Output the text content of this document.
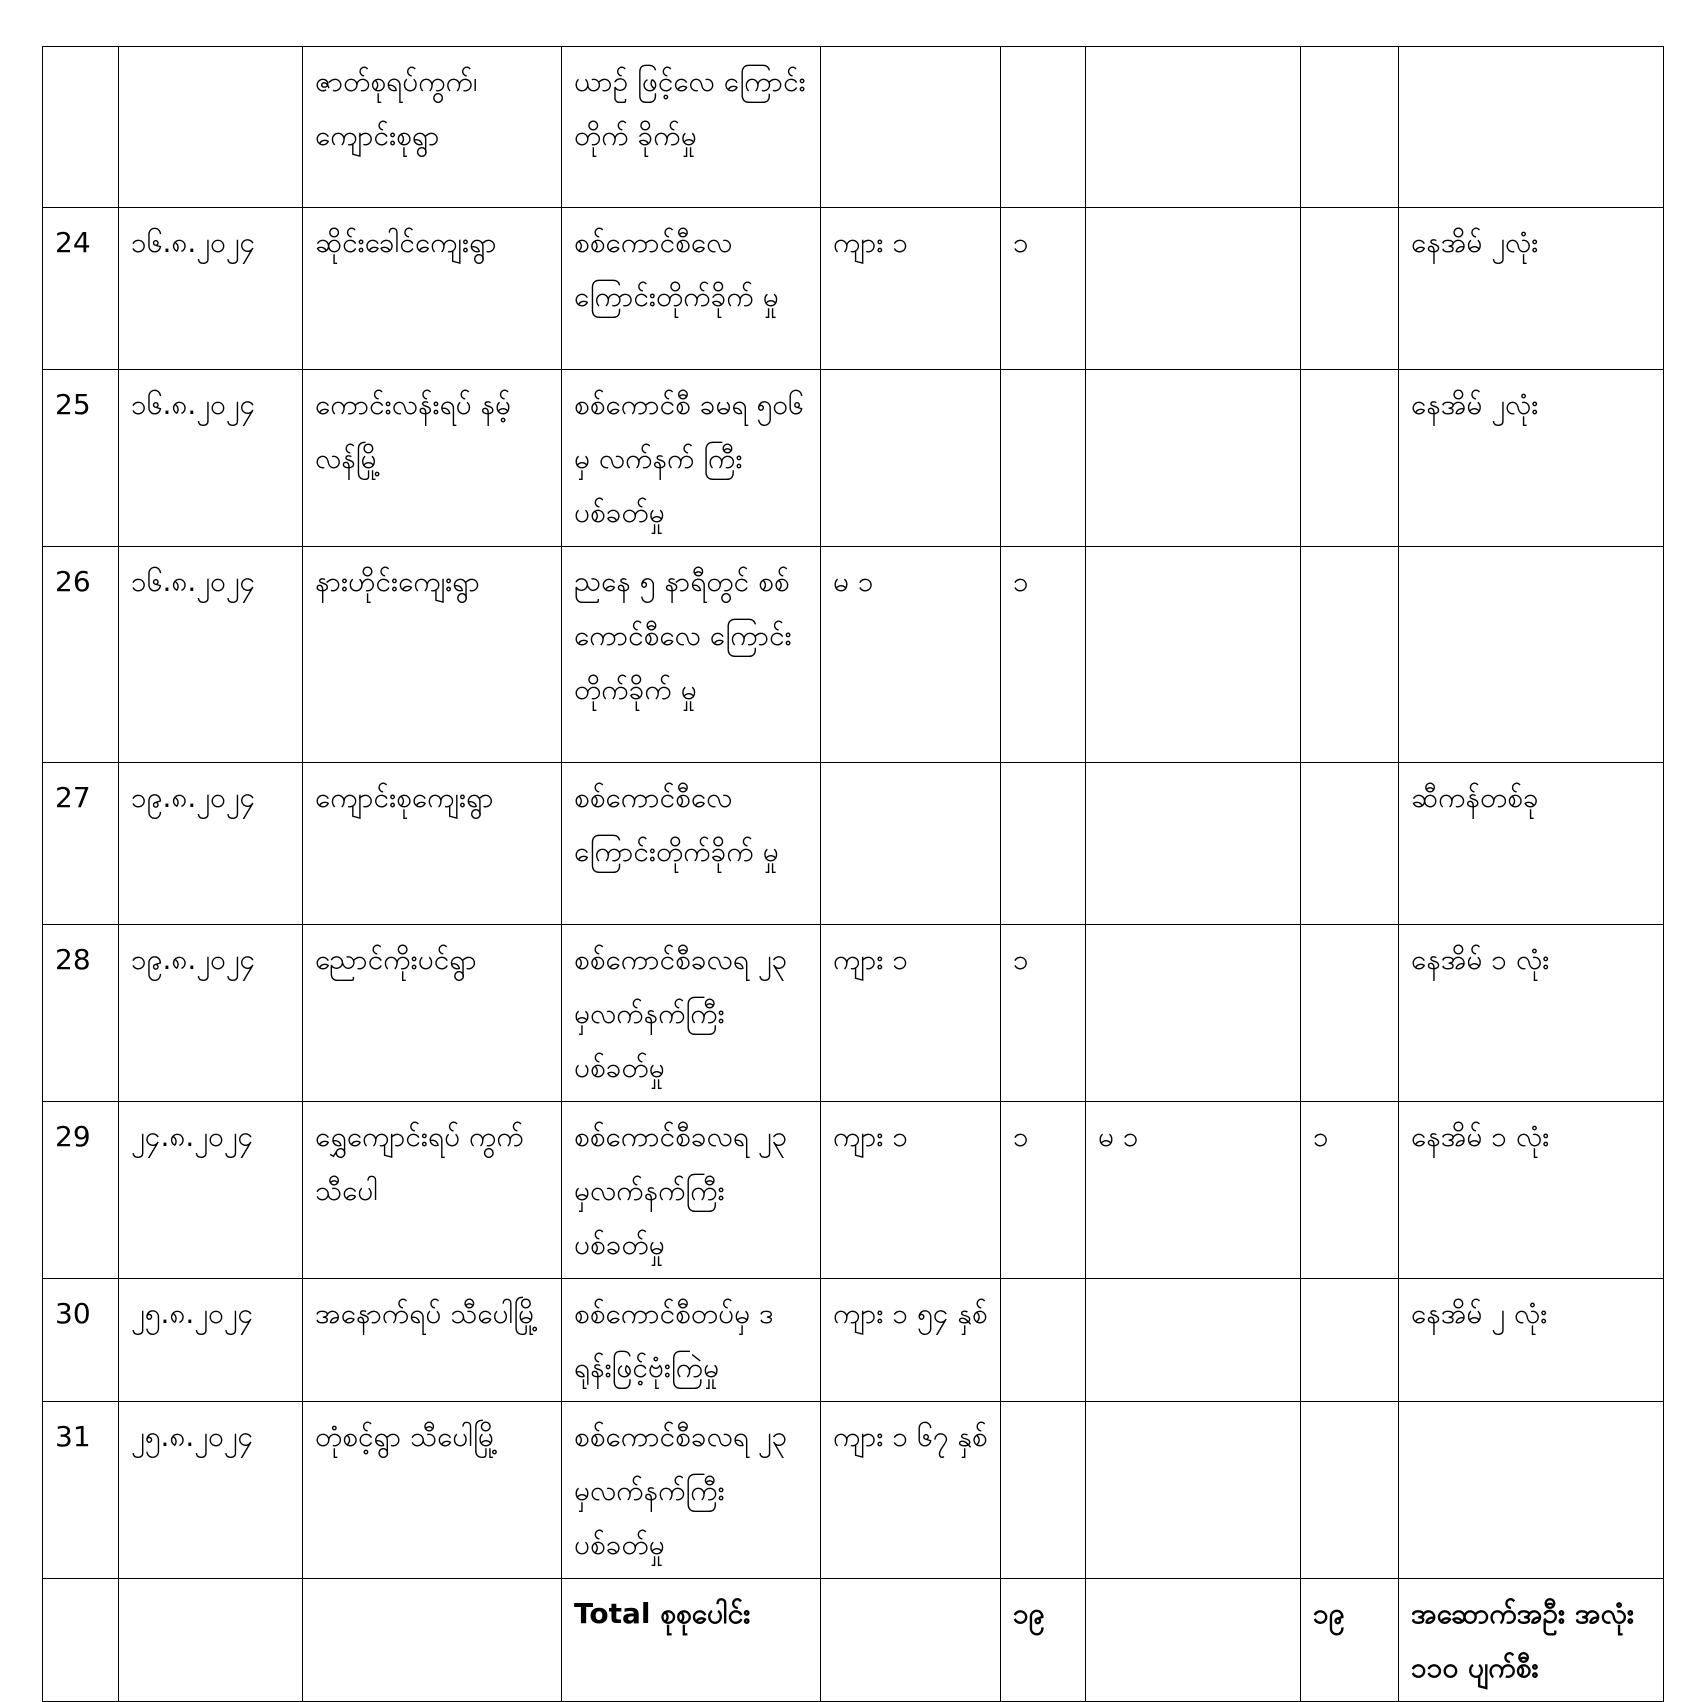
		ဇာတ်စုရပ်ကွက်၊ ကျောင်းစုရွာ	ယာဥ် ဖြင့်လေ ကြောင်းတိုက် ခိုက်မှု					
24	၁၆.၈.၂၀၂၄	ဆိုင်းခေါင်ကျေးရွာ	စစ်ကောင်စီလေ ကြောင်းတိုက်ခိုက် မှု	ကျား ၁	၁			နေအိမ် ၂လုံး
25	၁၆.၈.၂၀၂၄	ကောင်းလန်းရပ် နမ့်လန်မြို့	စစ်ကောင်စီ ခမရ ၅၀၆ မှ လက်နက် ကြီးပစ်ခတ်မှု					နေအိမ် ၂လုံး
26	၁၆.၈.၂၀၂၄	နားဟိုင်းကျေးရွာ	ညနေ ၅ နာရီတွင် စစ်ကောင်စီလေ ကြောင်းတိုက်ခိုက် မှု	မ ၁	၁			
27	၁၉.၈.၂၀၂၄	ကျောင်းစုကျေးရွာ	စစ်ကောင်စီလေ ကြောင်းတိုက်ခိုက် မှု					ဆီကန်တစ်ခု
28	၁၉.၈.၂၀၂၄	ညောင်ကိုးပင်ရွာ	စစ်ကောင်စီခလရ ၂၃ မှလက်နက်ကြီး ပစ်ခတ်မှု	ကျား ၁	၁			နေအိမ် ၁ လုံး
29	၂၄.၈.၂၀၂၄	ရွှေကျောင်းရပ် ကွက် သီပေါ	စစ်ကောင်စီခလရ ၂၃ မှလက်နက်ကြီး ပစ်ခတ်မှု	ကျား ၁	၁	မ ၁	၁	နေအိမ် ၁ လုံး
30	၂၅.၈.၂၀၂၄	အနောက်ရပ် သီပေါမြို့	စစ်ကောင်စီတပ်မှ ဒရုန်းဖြင့်ဗုံးကြဲမှု	ကျား ၁ ၅၄ နှစ်				နေအိမ် ၂ လုံး
31	၂၅.၈.၂၀၂၄	တုံစင့်ရွာ သီပေါမြို့	စစ်ကောင်စီခလရ ၂၃ မှလက်နက်ကြီး ပစ်ခတ်မှု	ကျား ၁ ၆၇ နှစ်				
			Total စုစုပေါင်း		၁၉		၁၉	အဆောက်အဦး အလုံး ၁၁၀ ပျက်စီး
